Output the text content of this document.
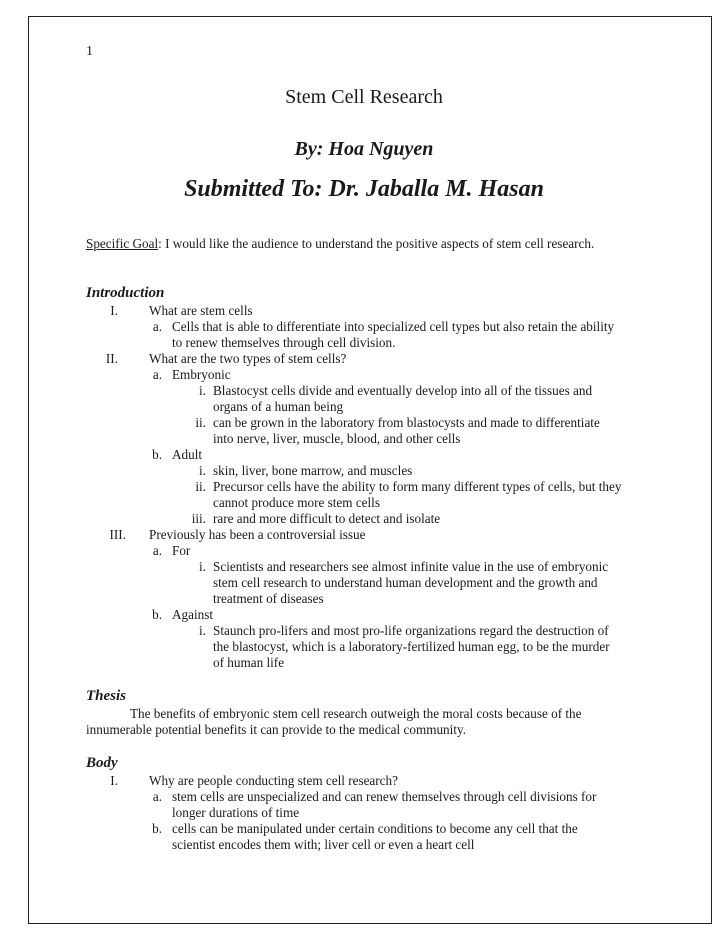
1
Stem Cell Research
By: Hoa Nguyen
Submitted To: Dr. Jaballa M. Hasan
Specific Goal: I would like the audience to understand the positive aspects of stem cell research.
Introduction
I. What are stem cells
a. Cells that is able to differentiate into specialized cell types but also retain the ability
to renew themselves through cell division.
II. What are the two types of stem cells?
a. Embryonic
i. Blastocyst cells divide and eventually develop into all of the tissues and
organs of a human being
ii. can be grown in the laboratory from blastocysts and made to differentiate
into nerve, liver, muscle, blood, and other cells
b. Adult
i. skin, liver, bone marrow, and muscles
ii. Precursor cells have the ability to form many different types of cells, but they
cannot produce more stem cells
iii. rare and more difficult to detect and isolate
III. Previously has been a controversial issue
a. For
i. Scientists and researchers see almost infinite value in the use of embryonic
stem cell research to understand human development and the growth and
treatment of diseases
b. Against
i. Staunch pro-lifers and most pro-life organizations regard the destruction of
the blastocyst, which is a laboratory-fertilized human egg, to be the murder
of human life
Thesis
The benefits of embryonic stem cell research outweigh the moral costs because of the
innumerable potential benefits it can provide to the medical community.
Body
I. Why are people conducting stem cell research?
a. stem cells are unspecialized and can renew themselves through cell divisions for
longer durations of time
b. cells can be manipulated under certain conditions to become any cell that the
scientist encodes them with; liver cell or even a heart cell
